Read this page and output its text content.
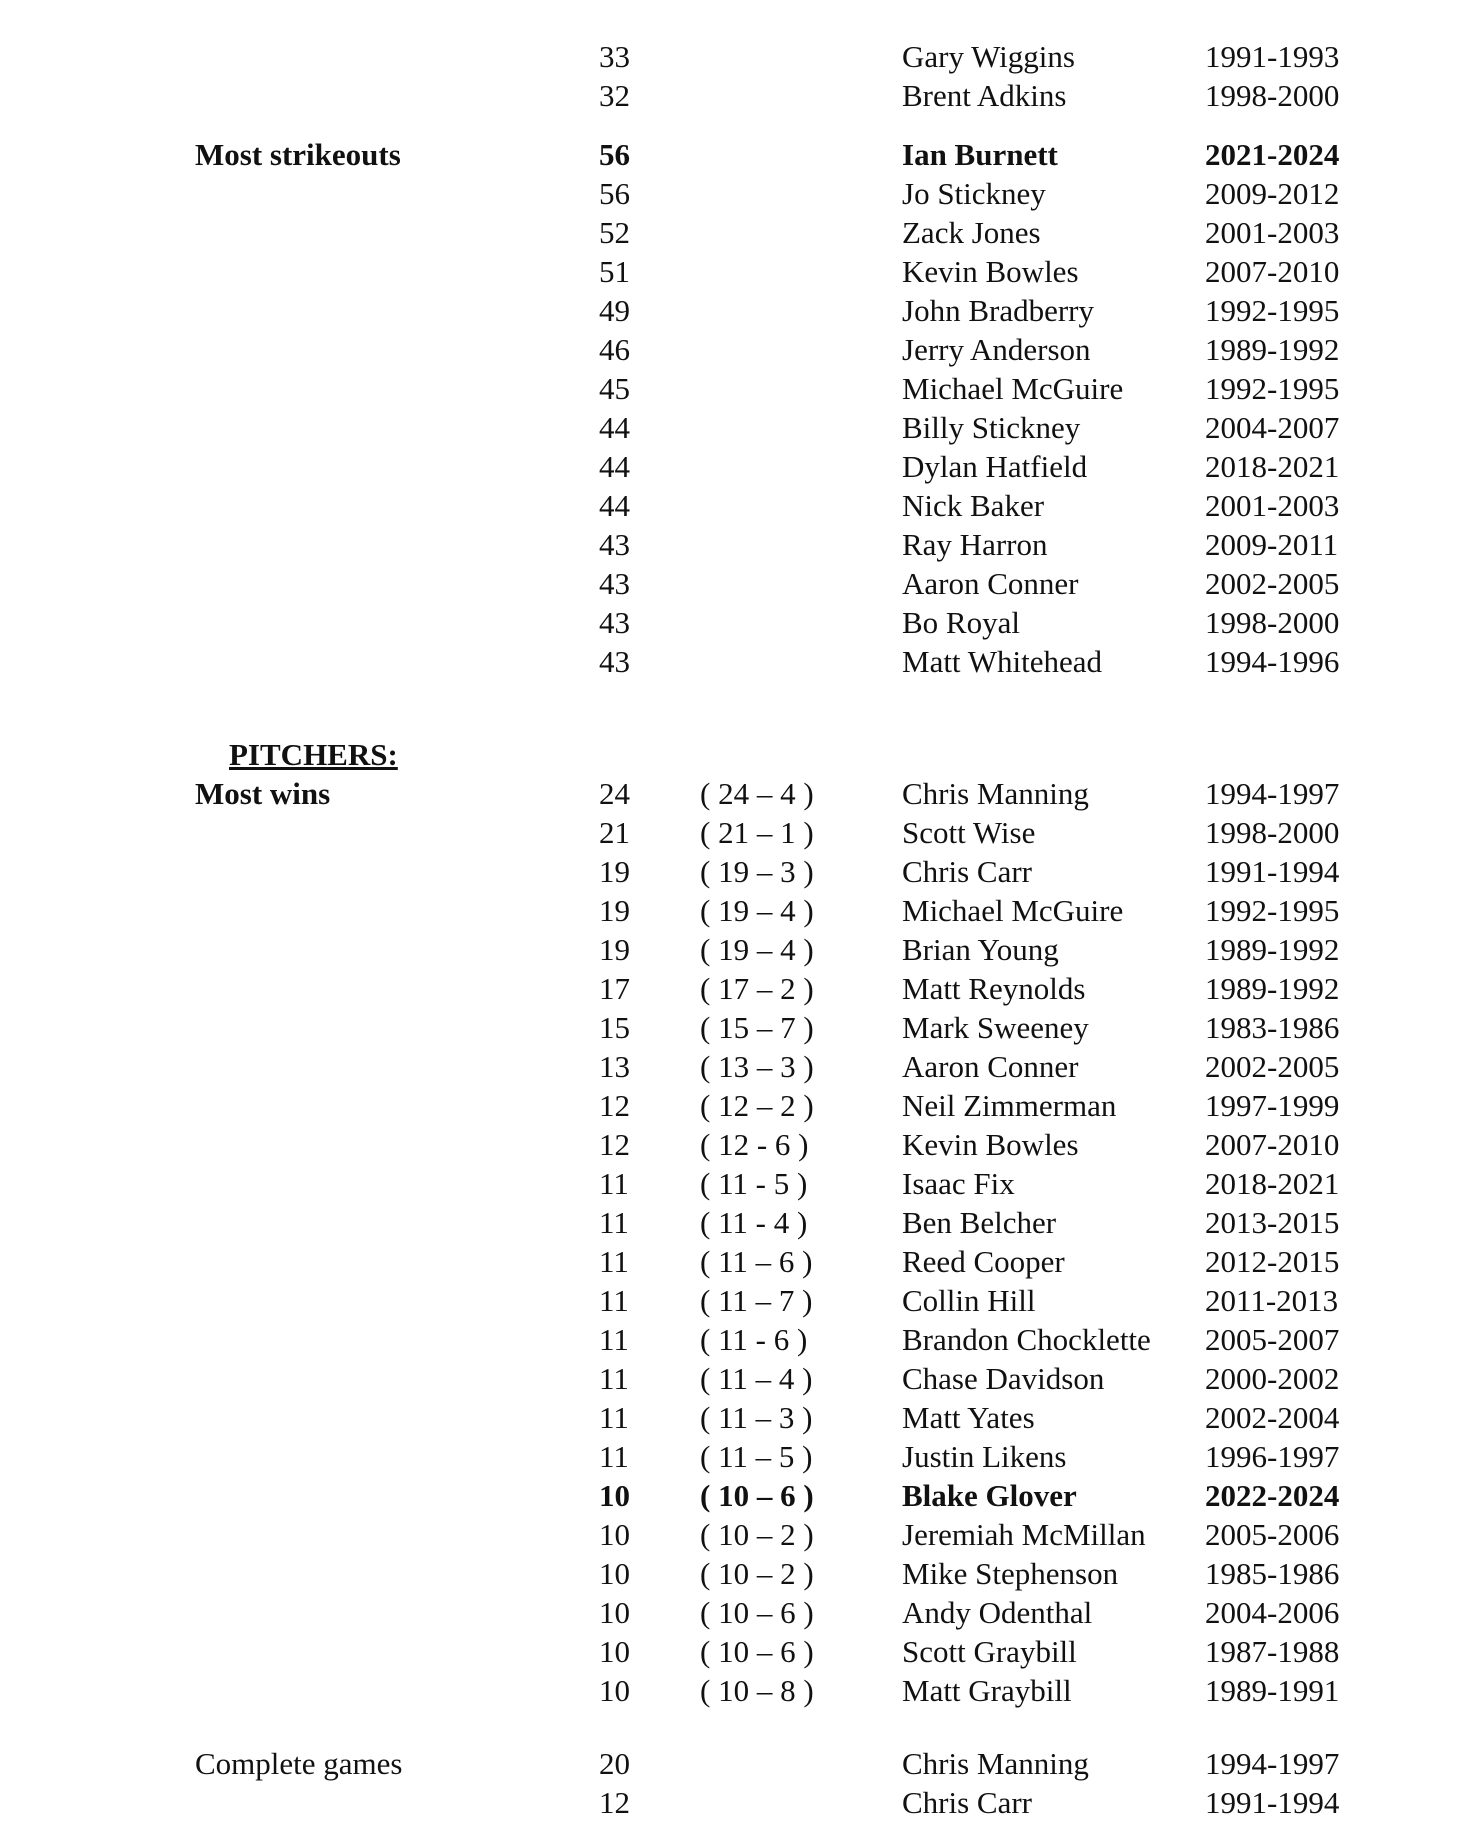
33	Gary Wiggins	1991-1993
32	Brent Adkins	1998-2000
Most strikeouts	56	Ian Burnett	2021-2024
56	Jo Stickney	2009-2012
52	Zack Jones	2001-2003
51	Kevin Bowles	2007-2010
49	John Bradberry	1992-1995
46	Jerry Anderson	1989-1992
45	Michael McGuire	1992-1995
44	Billy Stickney	2004-2007
44	Dylan Hatfield	2018-2021
44	Nick Baker	2001-2003
43	Ray Harron	2009-2011
43	Aaron Conner	2002-2005
43	Bo Royal	1998-2000
43	Matt Whitehead	1994-1996
PITCHERS:
Most wins	24 ( 24 – 4 )	Chris Manning	1994-1997
21 ( 21 – 1 )	Scott Wise	1998-2000
19 ( 19 – 3 )	Chris Carr	1991-1994
19 ( 19 – 4 )	Michael McGuire	1992-1995
19 ( 19 – 4 )	Brian Young	1989-1992
17 ( 17 – 2 )	Matt Reynolds	1989-1992
15 ( 15 – 7 )	Mark Sweeney	1983-1986
13 ( 13 – 3 )	Aaron Conner	2002-2005
12 ( 12 – 2 )	Neil Zimmerman	1997-1999
12 ( 12 - 6 )	Kevin Bowles	2007-2010
11 ( 11 - 5 )	Isaac Fix	2018-2021
11 ( 11 - 4 )	Ben Belcher	2013-2015
11 ( 11 – 6 )	Reed Cooper	2012-2015
11 ( 11 – 7 )	Collin Hill	2011-2013
11 ( 11 - 6 )	Brandon Chocklette 2005-2007
11 ( 11 – 4 )	Chase Davidson	2000-2002
11 ( 11 – 3 )	Matt Yates	2002-2004
11 ( 11 – 5 )	Justin Likens	1996-1997
10 ( 10 – 6 )	Blake Glover	2022-2024
10 ( 10 – 2 )	Jeremiah McMillan 2005-2006
10 ( 10 – 2 )	Mike Stephenson	1985-1986
10 ( 10 – 6 )	Andy Odenthal	2004-2006
10 ( 10 – 6 )	Scott Graybill	1987-1988
10 ( 10 – 8 )	Matt Graybill	1989-1991
Complete games	20	Chris Manning	1994-1997
12	Chris Carr	1991-1994
